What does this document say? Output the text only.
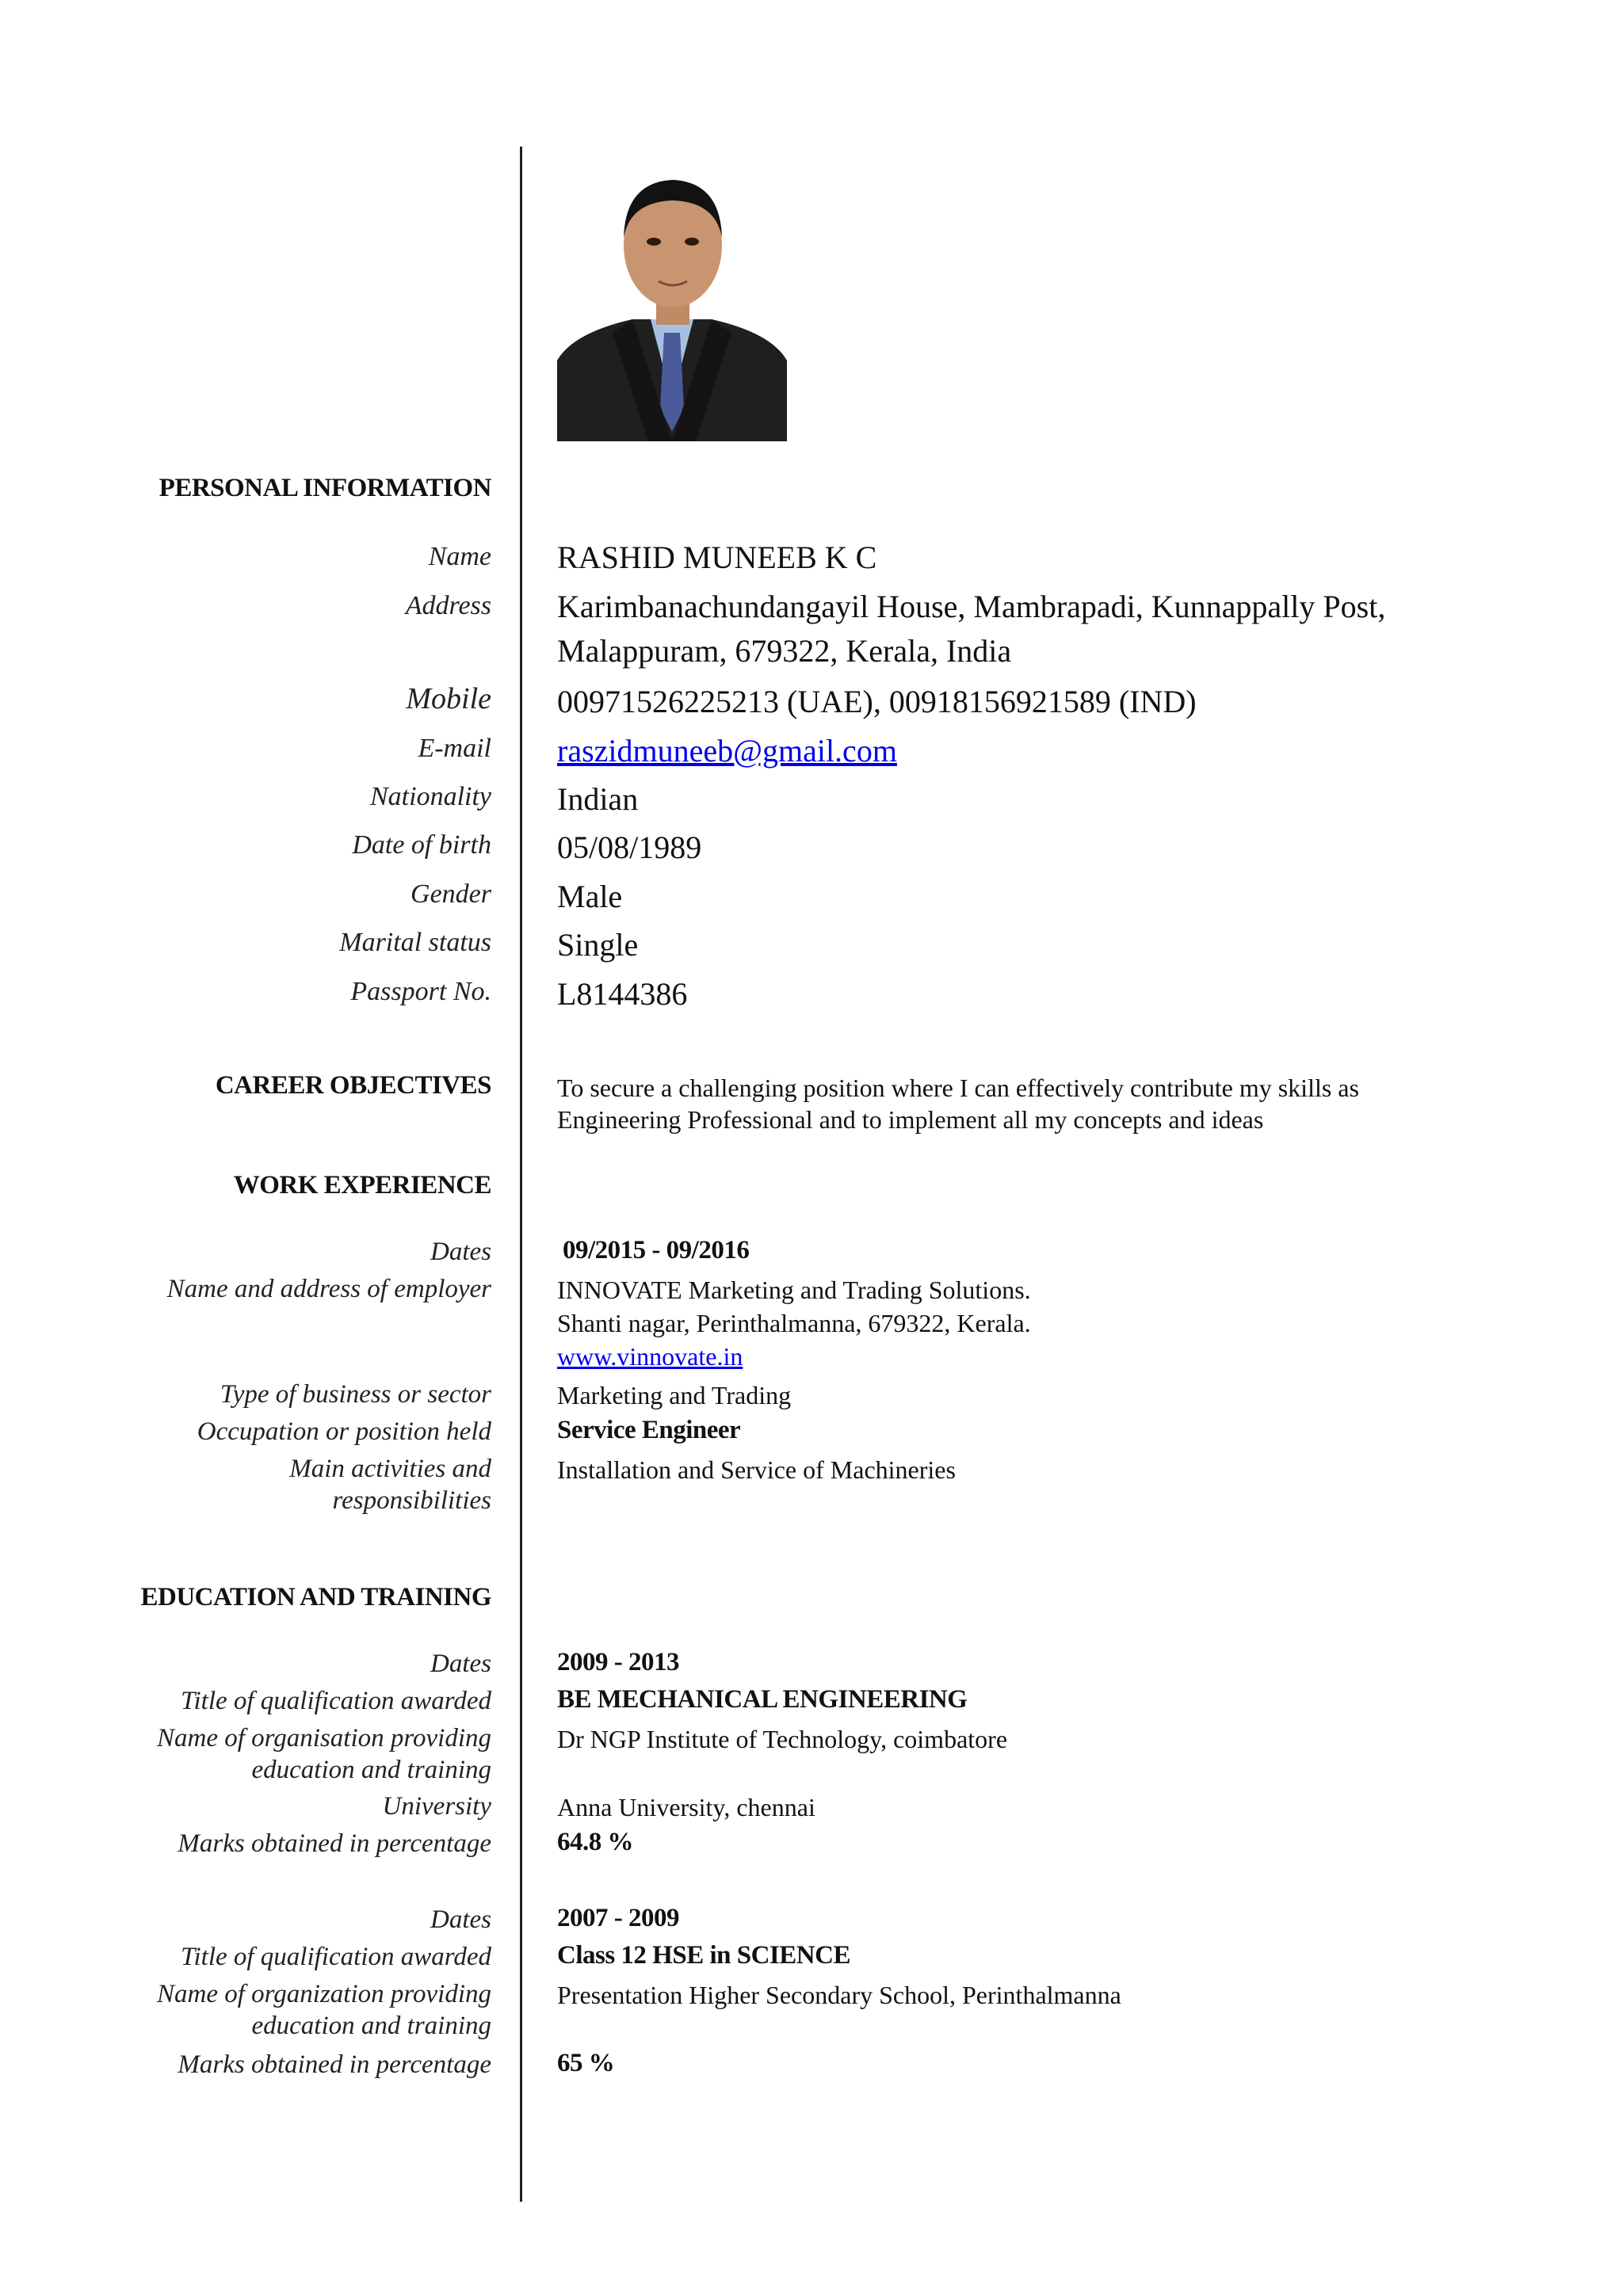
PERSONAL INFORMATION
Name RASHID MUNEEB K C
Address Karimbanachundangayil House, Mambrapadi, Kunnappally Post,
Malappuram, 679322, Kerala, India
Mobile 00971526225213 (UAE), 00918156921589 (IND)
E-mail raszidmuneeb@gmail.com
Nationality Indian
Date of birth 05/08/1989
Gender Male
Marital status Single
Passport No. L8144386
CAREER OBJECTIVES	To secure a challenging position where I can effectively contribute my skills as
Engineering Professional and to implement all my concepts and ideas
WORK EXPERIENCE
Dates	09/2015 - 09/2016
Name and address of employer	INNOVATE Marketing and Trading Solutions.
Shanti nagar, Perinthalmanna, 679322, Kerala.
www.vinnovate.in
Type of business or sector	Marketing and Trading
Occupation or position held	Service Engineer
Main activities and
responsibilities
Installation and Service of Machineries
EDUCATION AND TRAINING
Dates	2009 - 2013
Title of qualification awarded	BE MECHANICAL ENGINEERING
Name of organisation providing
education and training
Dr NGP Institute of Technology, coimbatore
University	Anna University, chennai
Marks obtained in percentage	64.8 %
Dates	2007 - 2009
Title of qualification awarded	Class 12 HSE in SCIENCE
Name of organization providing
education and training
Presentation Higher Secondary School, Perinthalmanna
Marks obtained in percentage	65 %
